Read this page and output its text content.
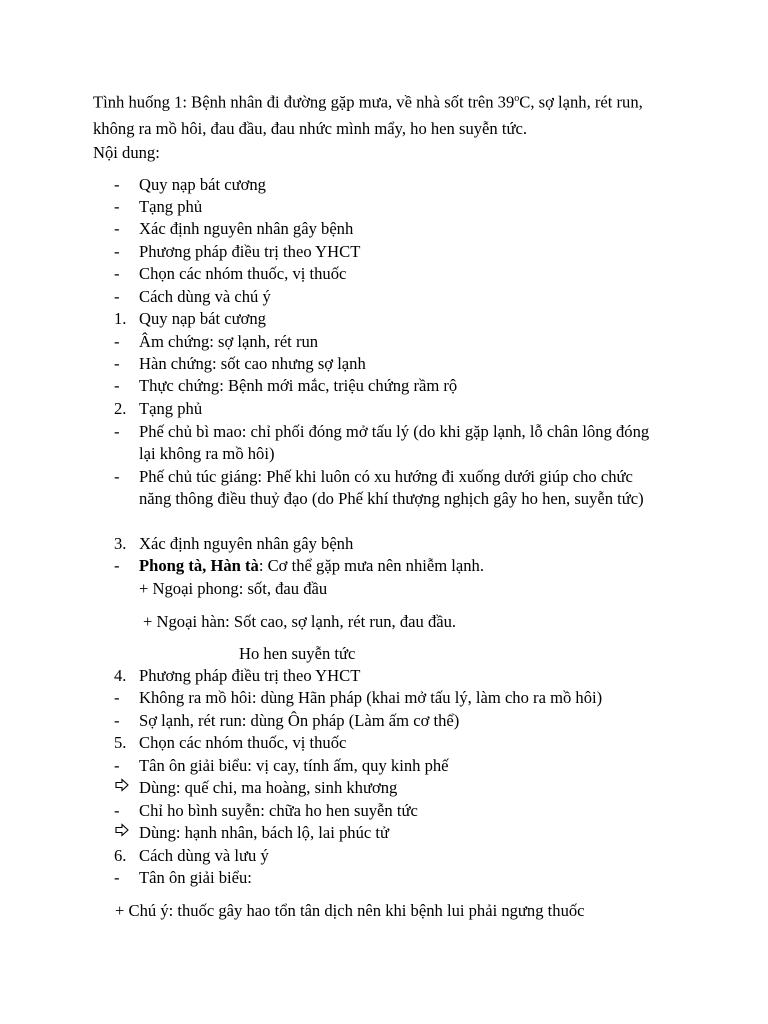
Tình huống 1: Bệnh nhân đi đường gặp mưa, về nhà sốt trên 39$^o$C, sợ lạnh, rét run, không ra mồ hôi, đau đầu, đau nhức mình mẩy, ho hen suyễn tức.
Nội dung:
- Quy nạp bát cương
- Tạng phủ
- Xác định nguyên nhân gây bệnh
- Phương pháp điều trị theo YHCT
- Chọn các nhóm thuốc, vị thuốc
- Cách dùng và chú ý
1. Quy nạp bát cương
- Âm chứng: sợ lạnh, rét run
- Hàn chứng: sốt cao nhưng sợ lạnh
- Thực chứng: Bệnh mới mắc, triệu chứng rầm rộ
2. Tạng phủ
- Phế chủ bì mao: chỉ phối đóng mở tấu lý (do khi gặp lạnh, lỗ chân lông đóng lại không ra mồ hôi)
- Phế chủ túc giáng: Phế khi luôn có xu hướng đi xuống dưới giúp cho chức năng thông điều thuỷ đạo (do Phế khí thượng nghịch gây ho hen, suyễn tức)
3. Xác định nguyên nhân gây bệnh
- Phong tà, Hàn tà: Cơ thể gặp mưa nên nhiễm lạnh.
+ Ngoại phong: sốt, đau đầu
+ Ngoại hàn: Sốt cao, sợ lạnh, rét run, đau đầu.
Ho hen suyễn tức
4. Phương pháp điều trị theo YHCT
- Không ra mồ hôi: dùng Hãn pháp (khai mở tấu lý, làm cho ra mồ hôi)
- Sợ lạnh, rét run: dùng Ôn pháp (Làm ấm cơ thể)
5. Chọn các nhóm thuốc, vị thuốc
- Tân ôn giải biểu: vị cay, tính ấm, quy kinh phế
Dùng: quế chi, ma hoàng, sinh khương
- Chỉ ho bình suyễn: chữa ho hen suyễn tức
Dùng: hạnh nhân, bách lộ, lai phúc tử
6. Cách dùng và lưu ý
- Tân ôn giải biểu:
+ Chú ý: thuốc gây hao tổn tân dịch nên khi bệnh lui phải ngưng thuốc
